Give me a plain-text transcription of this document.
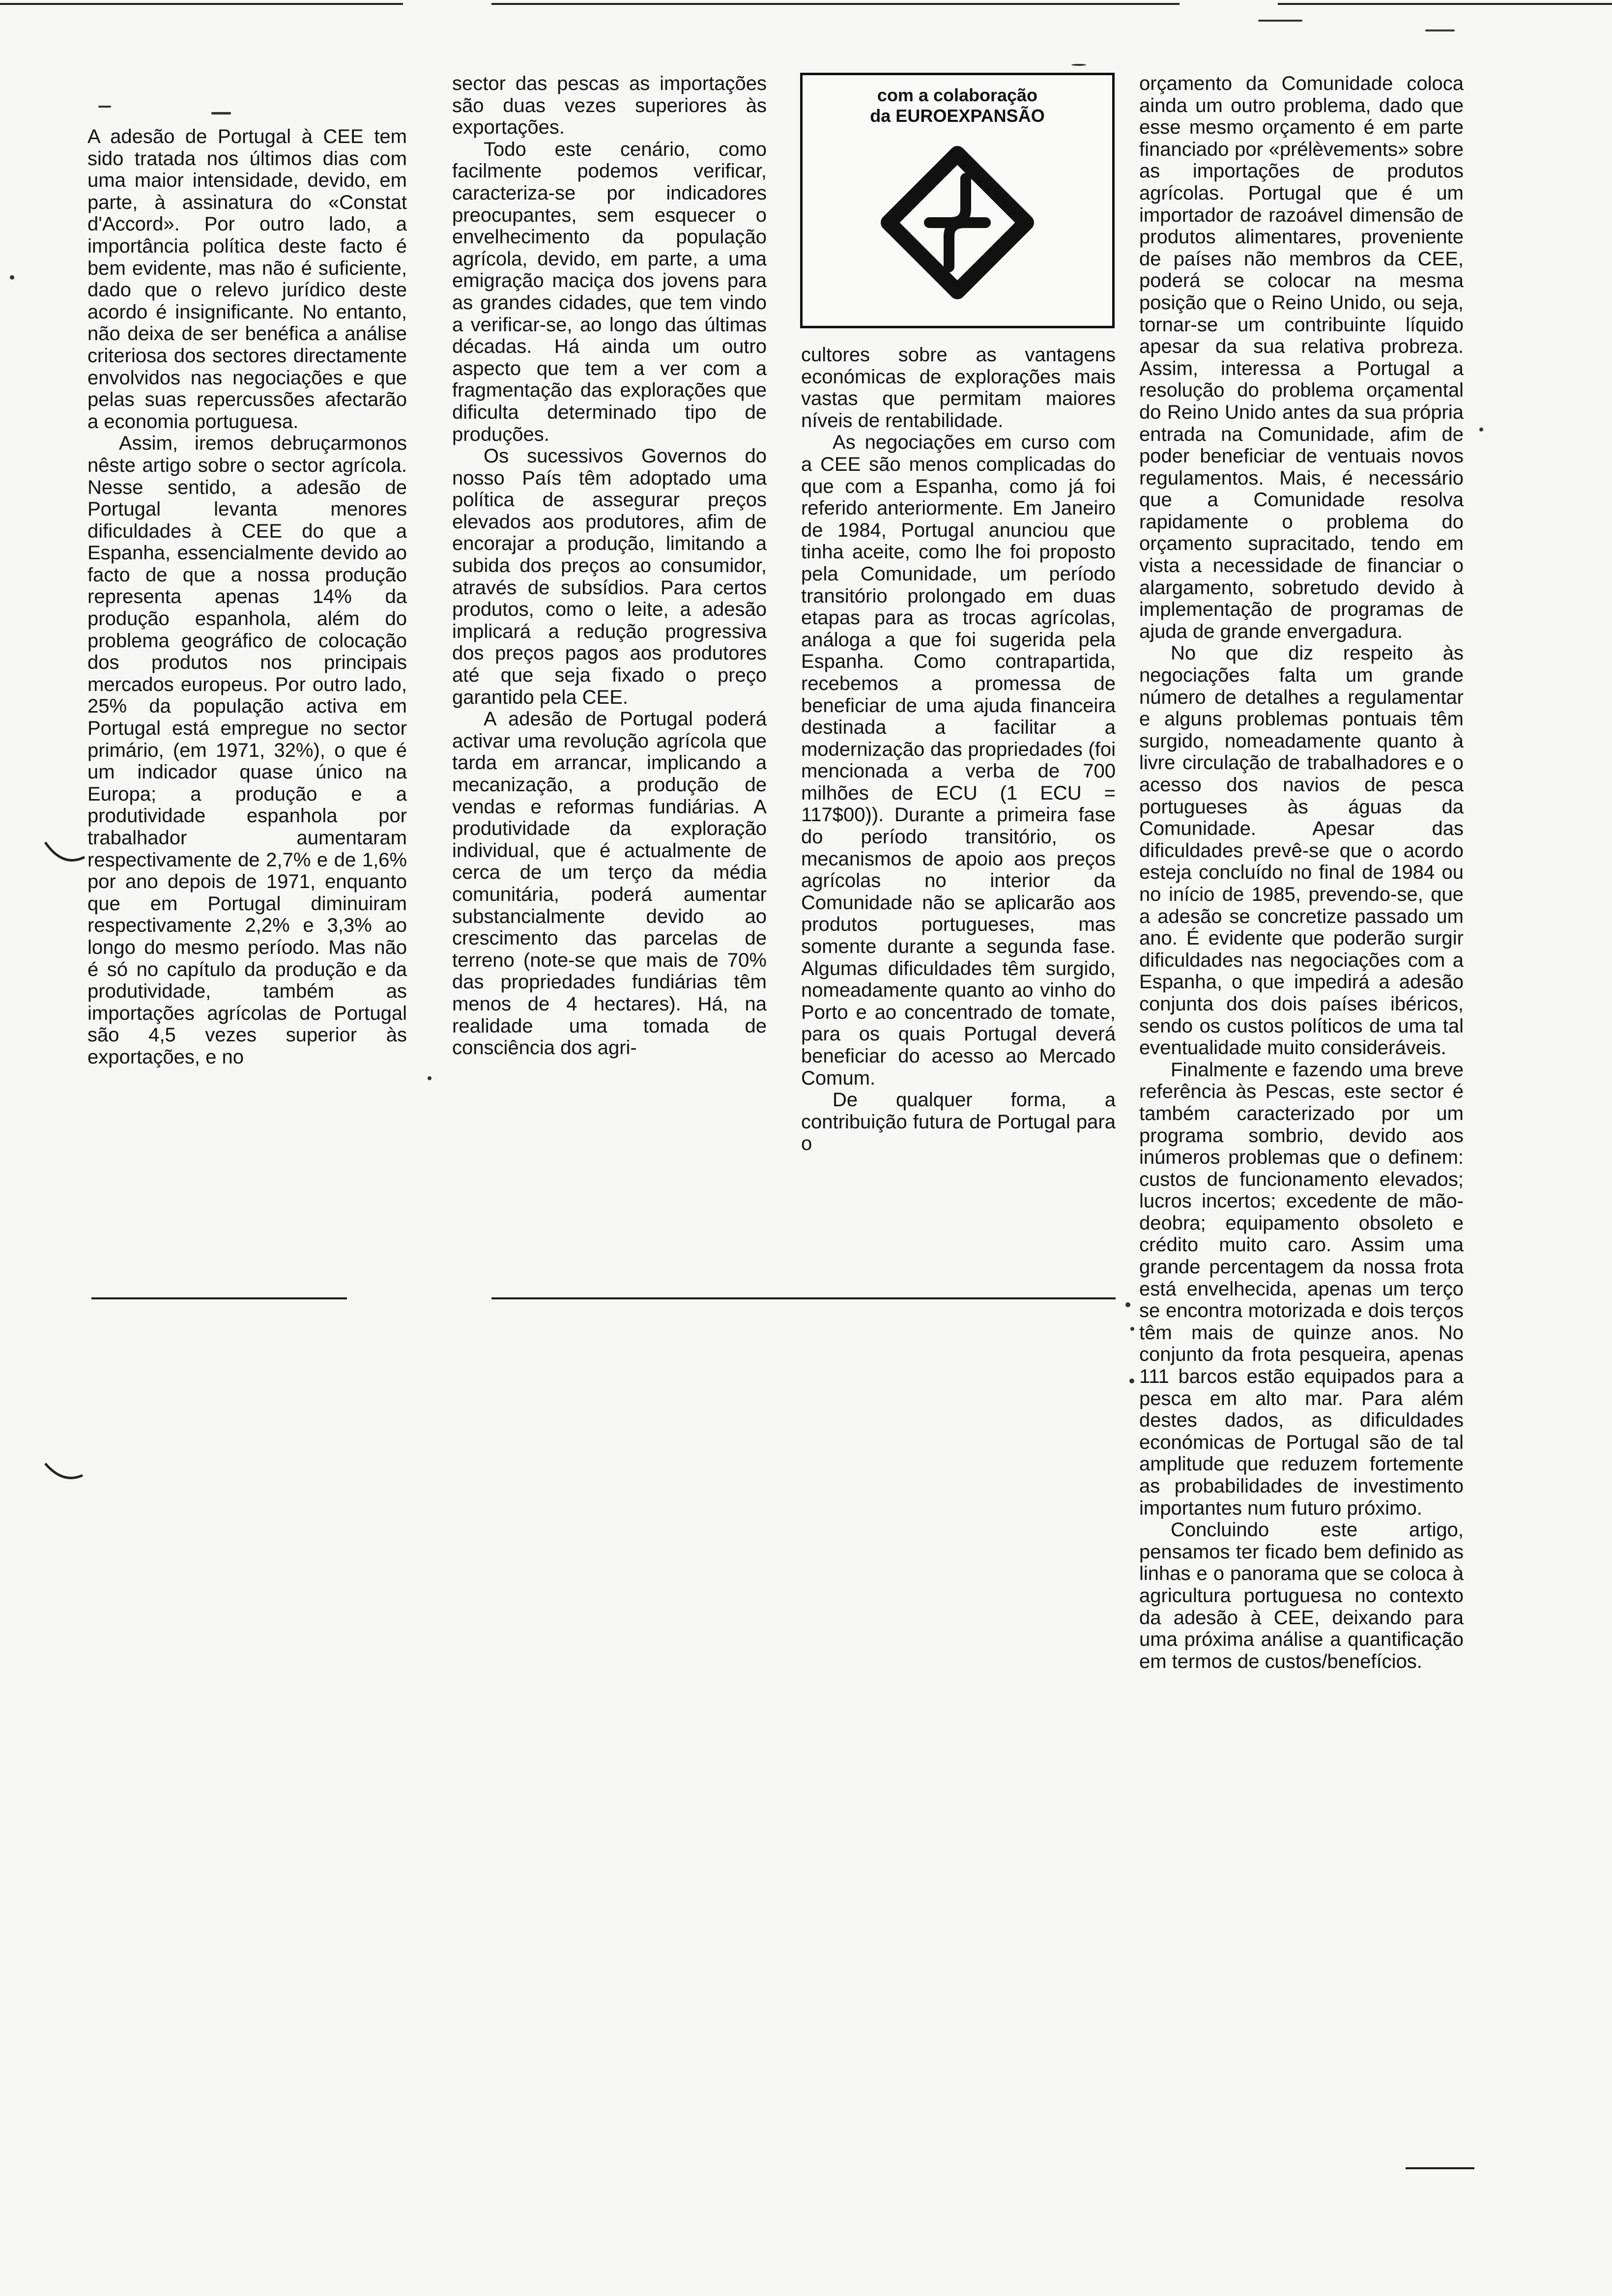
A adesão de Portugal à CEE tem sido tratada nos últimos dias com uma maior intensidade, devido, em parte, à assinatura do «Constat d'Accord». Por outro lado, a importância política deste facto é bem evidente, mas não é suficiente, dado que o relevo jurídico deste acordo é insignificante. No entanto, não deixa de ser benéfica a análise criteriosa dos sectores directamente envolvidos nas negociações e que pelas suas repercussões afectarão a economia portuguesa.

Assim, iremos debruçarmonos nêste artigo sobre o sector agrícola. Nesse sentido, a adesão de Portugal levanta menores dificuldades à CEE do que a Espanha, essencialmente devido ao facto de que a nossa produção representa apenas 14% da produção espanhola, além do problema geográfico de colocação dos produtos nos principais mercados europeus. Por outro lado, 25% da população activa em Portugal está empregue no sector primário, (em 1971, 32%), o que é um indicador quase único na Europa; a produção e a produtividade espanhola por trabalhador aumentaram respectivamente de 2,7% e de 1,6% por ano depois de 1971, enquanto que em Portugal diminuiram respectivamente 2,2% e 3,3% ao longo do mesmo período. Mas não é só no capítulo da produção e da produtividade, também as importações agrícolas de Portugal são 4,5 vezes superior às exportações, e no

sector das pescas as importações são duas vezes superiores às exportações.

Todo este cenário, como facilmente podemos verificar, caracteriza-se por indicadores preocupantes, sem esquecer o envelhecimento da população agrícola, devido, em parte, a uma emigração maciça dos jovens para as grandes cidades, que tem vindo a verificar-se, ao longo das últimas décadas. Há ainda um outro aspecto que tem a ver com a fragmentação das explorações que dificulta determinado tipo de produções.

Os sucessivos Governos do nosso País têm adoptado uma política de assegurar preços elevados aos produtores, afim de encorajar a produção, limitando a subida dos preços ao consumidor, através de subsídios. Para certos produtos, como o leite, a adesão implicará a redução progressiva dos preços pagos aos produtores até que seja fixado o preço garantido pela CEE.

A adesão de Portugal poderá activar uma revolução agrícola que tarda em arrancar, implicando a mecanização, a produção de vendas e reformas fundiárias. A produtividade da exploração individual, que é actualmente de cerca de um terço da média comunitária, poderá aumentar substancialmente devido ao crescimento das parcelas de terreno (note-se que mais de 70% das propriedades fundiárias têm menos de 4 hectares). Há, na realidade uma tomada de consciência dos agri-

com a colaboração
da EUROEXPANSÃO

cultores sobre as vantagens económicas de explorações mais vastas que permitam maiores níveis de rentabilidade.

As negociações em curso com a CEE são menos complicadas do que com a Espanha, como já foi referido anteriormente. Em Janeiro de 1984, Portugal anunciou que tinha aceite, como lhe foi proposto pela Comunidade, um período transitório prolongado em duas etapas para as trocas agrícolas, análoga a que foi sugerida pela Espanha. Como contrapartida, recebemos a promessa de beneficiar de uma ajuda financeira destinada a facilitar a modernização das propriedades (foi mencionada a verba de 700 milhões de ECU (1 ECU = 117$00)). Durante a primeira fase do período transitório, os mecanismos de apoio aos preços agrícolas no interior da Comunidade não se aplicarão aos produtos portugueses, mas somente durante a segunda fase. Algumas dificuldades têm surgido, nomeadamente quanto ao vinho do Porto e ao concentrado de tomate, para os quais Portugal deverá beneficiar do acesso ao Mercado Comum.

De qualquer forma, a contribuição futura de Portugal para o

orçamento da Comunidade coloca ainda um outro problema, dado que esse mesmo orçamento é em parte financiado por «prélèvements» sobre as importações de produtos agrícolas. Portugal que é um importador de razoável dimensão de produtos alimentares, proveniente de países não membros da CEE, poderá se colocar na mesma posição que o Reino Unido, ou seja, tornar-se um contribuinte líquido apesar da sua relativa probreza. Assim, interessa a Portugal a resolução do problema orçamental do Reino Unido antes da sua própria entrada na Comunidade, afim de poder beneficiar de ventuais novos regulamentos. Mais, é necessário que a Comunidade resolva rapidamente o problema do orçamento supracitado, tendo em vista a necessidade de financiar o alargamento, sobretudo devido à implementação de programas de ajuda de grande envergadura.

No que diz respeito às negociações falta um grande número de detalhes a regulamentar e alguns problemas pontuais têm surgido, nomeadamente quanto à livre circulação de trabalhadores e o acesso dos navios de pesca portugueses às águas da Comunidade. Apesar das dificuldades prevê-se que o acordo esteja concluído no final de 1984 ou no início de 1985, prevendo-se, que a adesão se concretize passado um ano. É evidente que poderão surgir dificuldades nas negociações com a Espanha, o que impedirá a adesão conjunta dos dois países ibéricos, sendo os custos políticos de uma tal eventualidade muito consideráveis.

Finalmente e fazendo uma breve referência às Pescas, este sector é também caracterizado por um programa sombrio, devido aos inúmeros problemas que o definem: custos de funcionamento elevados; lucros incertos; excedente de mão-deobra; equipamento obsoleto e crédito muito caro. Assim uma grande percentagem da nossa frota está envelhecida, apenas um terço se encontra motorizada e dois terços têm mais de quinze anos. No conjunto da frota pesqueira, apenas 111 barcos estão equipados para a pesca em alto mar. Para além destes dados, as dificuldades económicas de Portugal são de tal amplitude que reduzem fortemente as probabilidades de investimento importantes num futuro próximo.

Concluindo este artigo, pensamos ter ficado bem definido as linhas e o panorama que se coloca à agricultura portuguesa no contexto da adesão à CEE, deixando para uma próxima análise a quantificação em termos de custos/benefícios.
